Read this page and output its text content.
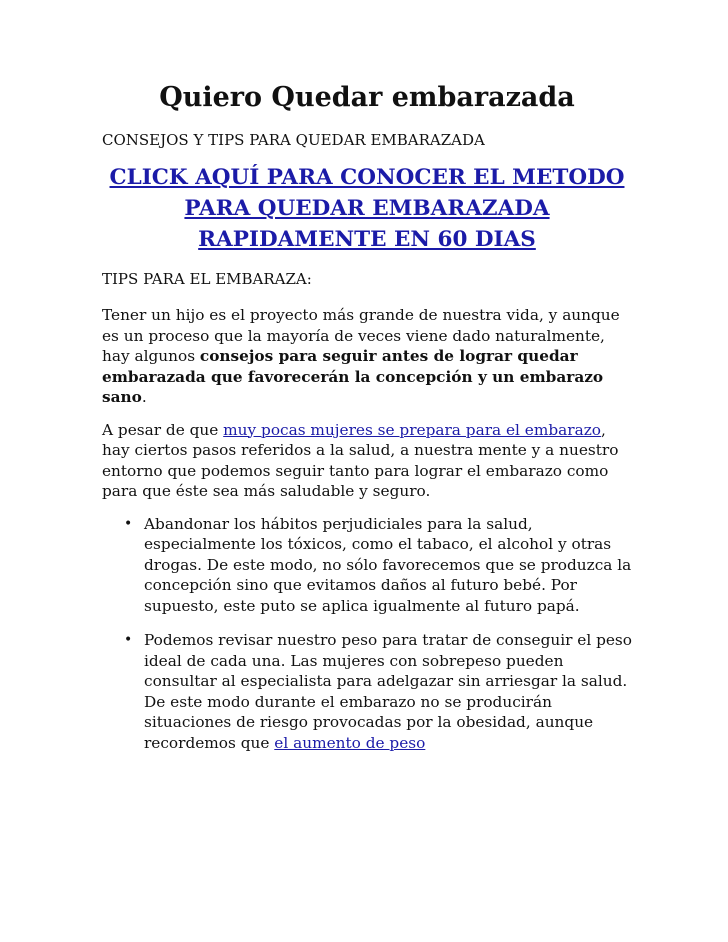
Quiero Quedar embarazada
CONSEJOS Y TIPS PARA QUEDAR EMBARAZADA
CLICK AQUÍ PARA CONOCER EL METODO PARA QUEDAR EMBARAZADA RAPIDAMENTE EN 60 DIAS
TIPS PARA EL EMBARAZA:

Tener un hijo es el proyecto más grande de nuestra vida, y aunque es un proceso que la mayoría de veces viene dado naturalmente, hay algunos consejos para seguir antes de lograr quedar embarazada que favorecerán la concepción y un embarazo sano.

A pesar de que muy pocas mujeres se prepara para el embarazo, hay ciertos pasos referidos a la salud, a nuestra mente y a nuestro entorno que podemos seguir tanto para lograr el embarazo como para que éste sea más saludable y seguro.

• Abandonar los hábitos perjudiciales para la salud, especialmente los tóxicos, como el tabaco, el alcohol y otras drogas. De este modo, no sólo favorecemos que se produzca la concepción sino que evitamos daños al futuro bebé. Por supuesto, este puto se aplica igualmente al futuro papá.
• Podemos revisar nuestro peso para tratar de conseguir el peso ideal de cada una. Las mujeres con sobrepeso pueden consultar al especialista para adelgazar sin arriesgar la salud. De este modo durante el embarazo no se producirán situaciones de riesgo provocadas por la obesidad, aunque recordemos que el aumento de peso
